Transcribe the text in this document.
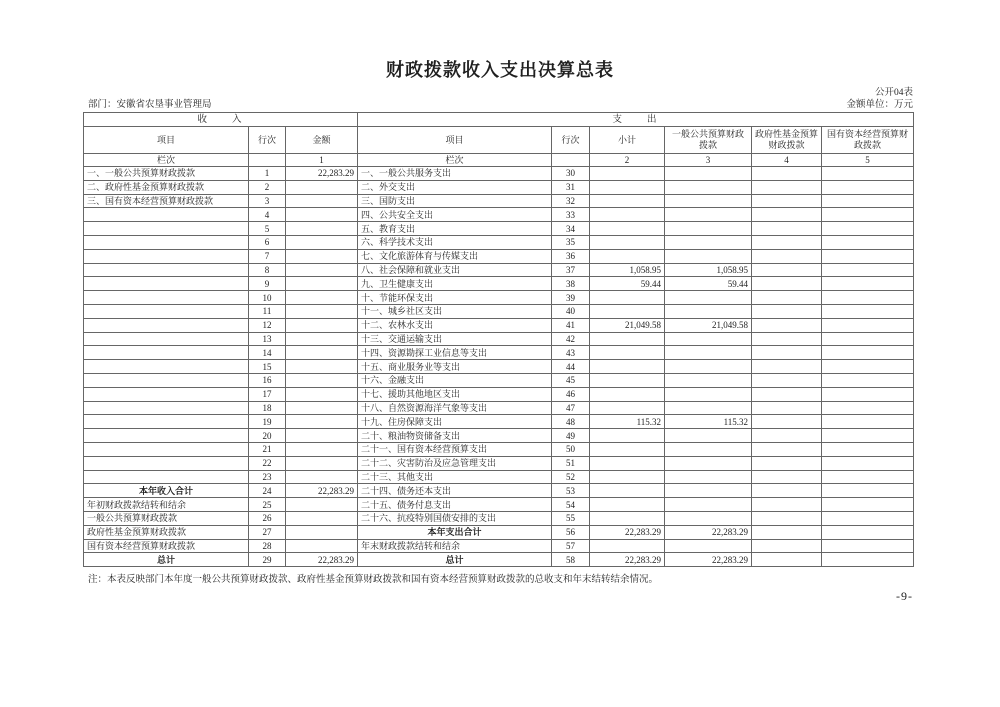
财政拨款收入支出决算总表
公开04表
部门：安徽省农垦事业管理局	金额单位：万元
收　　入			支　　出					
项目	行次	金额	项目	行次	小计	一般公共预算财政拨款	政府性基金预算财政拨款	国有资本经营预算财政拨款
栏次		1	栏次		2	3	4	5
一、一般公共预算财政拨款	1	22,283.29	一、一般公共服务支出	30				
二、政府性基金预算财政拨款	2		二、外交支出	31				
三、国有资本经营预算财政拨款	3		三、国防支出	32				
	4		四、公共安全支出	33				
	5		五、教育支出	34				
	6		六、科学技术支出	35				
	7		七、文化旅游体育与传媒支出	36				
	8		八、社会保障和就业支出	37	1,058.95	1,058.95		
	9		九、卫生健康支出	38	59.44	59.44		
	10		十、节能环保支出	39				
	11		十一、城乡社区支出	40				
	12		十二、农林水支出	41	21,049.58	21,049.58		
	13		十三、交通运输支出	42				
	14		十四、资源勘探工业信息等支出	43				
	15		十五、商业服务业等支出	44				
	16		十六、金融支出	45				
	17		十七、援助其他地区支出	46				
	18		十八、自然资源海洋气象等支出	47				
	19		十九、住房保障支出	48	115.32	115.32		
	20		二十、粮油物资储备支出	49				
	21		二十一、国有资本经营预算支出	50				
	22		二十二、灾害防治及应急管理支出	51				
	23		二十三、其他支出	52				
本年收入合计	24	22,283.29	二十四、债务还本支出	53				
年初财政拨款结转和结余	25		二十五、债务付息支出	54				
一般公共预算财政拨款	26		二十六、抗疫特别国债安排的支出	55				
政府性基金预算财政拨款	27		本年支出合计	56	22,283.29	22,283.29		
国有资本经营预算财政拨款	28		年末财政拨款结转和结余	57				
总计	29	22,283.29	总计	58	22,283.29	22,283.29		
注：本表反映部门本年度一般公共预算财政拨款、政府性基金预算财政拨款和国有资本经营预算财政拨款的总收支和年末结转结余情况。
-9-
